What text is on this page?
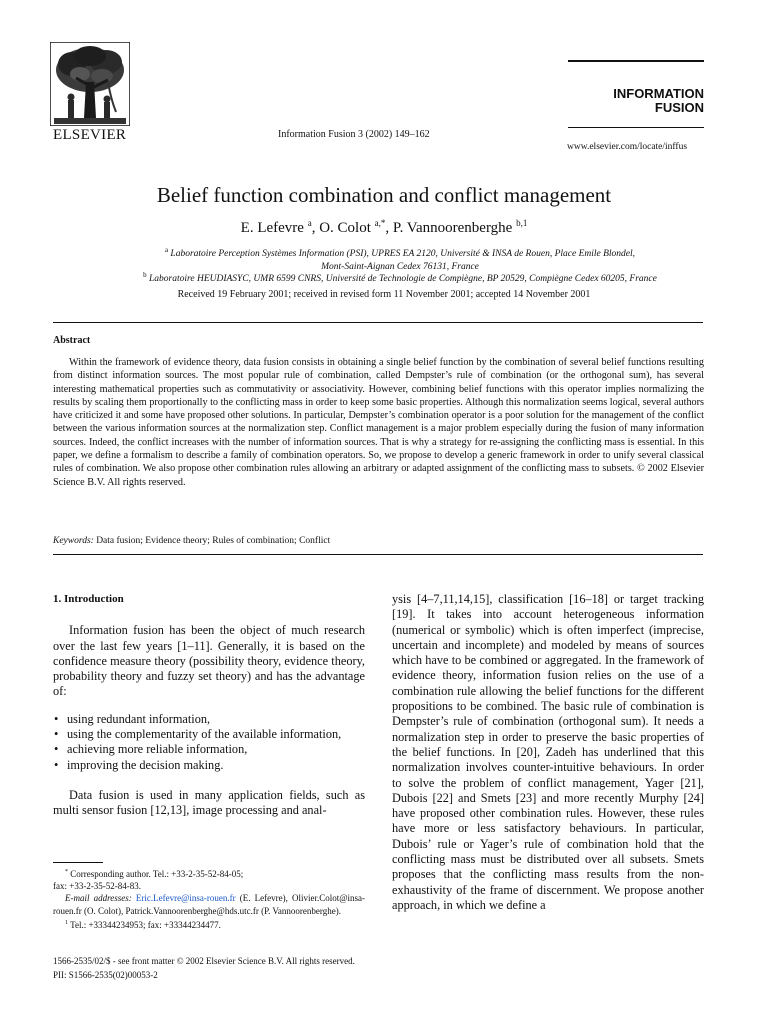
ELSEVIER	Information Fusion 3 (2002) 149–162
INFORMATION
FUSION
www.elsevier.com/locate/inffus
Belief function combination and conflict management
E. Lefevre $^a$, O. Colot $^{a,*}$, P. Vannoorenberghe $^{b,1}$
$^a$ Laboratoire Perception Systèmes Information (PSI), UPRES EA 2120, Université & INSA de Rouen, Place Emile Blondel,
Mont-Saint-Aignan Cedex 76131, France
$^b$ Laboratoire HEUDIASYC, UMR 6599 CNRS, Université de Technologie de Compiègne, BP 20529, Compiègne Cedex 60205, France
Received 19 February 2001; received in revised form 11 November 2001; accepted 14 November 2001
Abstract
Within the framework of evidence theory, data fusion consists in obtaining a single belief function by the combination of several belief functions resulting from distinct information sources. The most popular rule of combination, called Dempster’s rule of combination (or the orthogonal sum), has several interesting mathematical properties such as commutativity or associativity. However, combining belief functions with this operator implies normalizing the results by scaling them proportionally to the conflicting mass in order to keep some basic properties. Although this normalization seems logical, several authors have criticized it and some have proposed other solutions. In particular, Dempster’s combination operator is a poor solution for the management of the conflict between the various information sources at the normalization step. Conflict management is a major problem especially during the fusion of many information sources. Indeed, the conflict increases with the number of information sources. That is why a strategy for re-assigning the conflicting mass is essential. In this paper, we define a formalism to describe a family of combination operators. So, we propose to develop a generic framework in order to unify several classical rules of combination. We also propose other combination rules allowing an arbitrary or adapted assignment of the conflicting mass to subsets. © 2002 Elsevier Science B.V. All rights reserved.
Keywords: Data fusion; Evidence theory; Rules of combination; Conflict
1. Introduction

Information fusion has been the object of much research over the last few years [1–11]. Generally, it is based on the confidence measure theory (possibility theory, evidence theory, probability theory and fuzzy set theory) and has the advantage of:

• using redundant information,
• using the complementarity of the available information,
• achieving more reliable information,
• improving the decision making.

Data fusion is used in many application fields, such as multi sensor fusion [12,13], image processing and anal-

ysis [4–7,11,14,15], classification [16–18] or target tracking [19]. It takes into account heterogeneous information (numerical or symbolic) which is often imperfect (imprecise, uncertain and incomplete) and modeled by means of sources which have to be combined or aggregated. In the framework of evidence theory, information fusion relies on the use of a combination rule allowing the belief functions for the different propositions to be combined. The basic rule of combination is Dempster’s rule of combination (orthogonal sum). It needs a normalization step in order to preserve the basic properties of the belief functions. In [20], Zadeh has underlined that this normalization involves counter-intuitive behaviours. In order to solve the problem of conflict management, Yager [21], Dubois [22] and Smets [23] and more recently Murphy [24] have proposed other combination rules. However, these rules have more or less satisfactory behaviours. In particular, Dubois’ rule or Yager’s rule of combination hold that the conflicting mass must be distributed over all subsets. Smets proposes that the conflicting mass results from the non-exhaustivity of the frame of discernment. We propose another approach, in which we define a

* Corresponding author. Tel.: +33-2-35-52-84-05;

fax: +33-2-35-52-84-83.

E-mail addresses: Eric.Lefevre@insa-rouen.fr (E. Lefevre), Olivier.Colot@insa-rouen.fr (O. Colot), Patrick.Vannoorenberghe@hds.utc.fr (P. Vannoorenberghe).

$^1$ Tel.: +33344234953; fax: +33344234477.

1566-2535/02/$ - see front matter © 2002 Elsevier Science B.V. All rights reserved.
PII: S1566-2535(02)00053-2
